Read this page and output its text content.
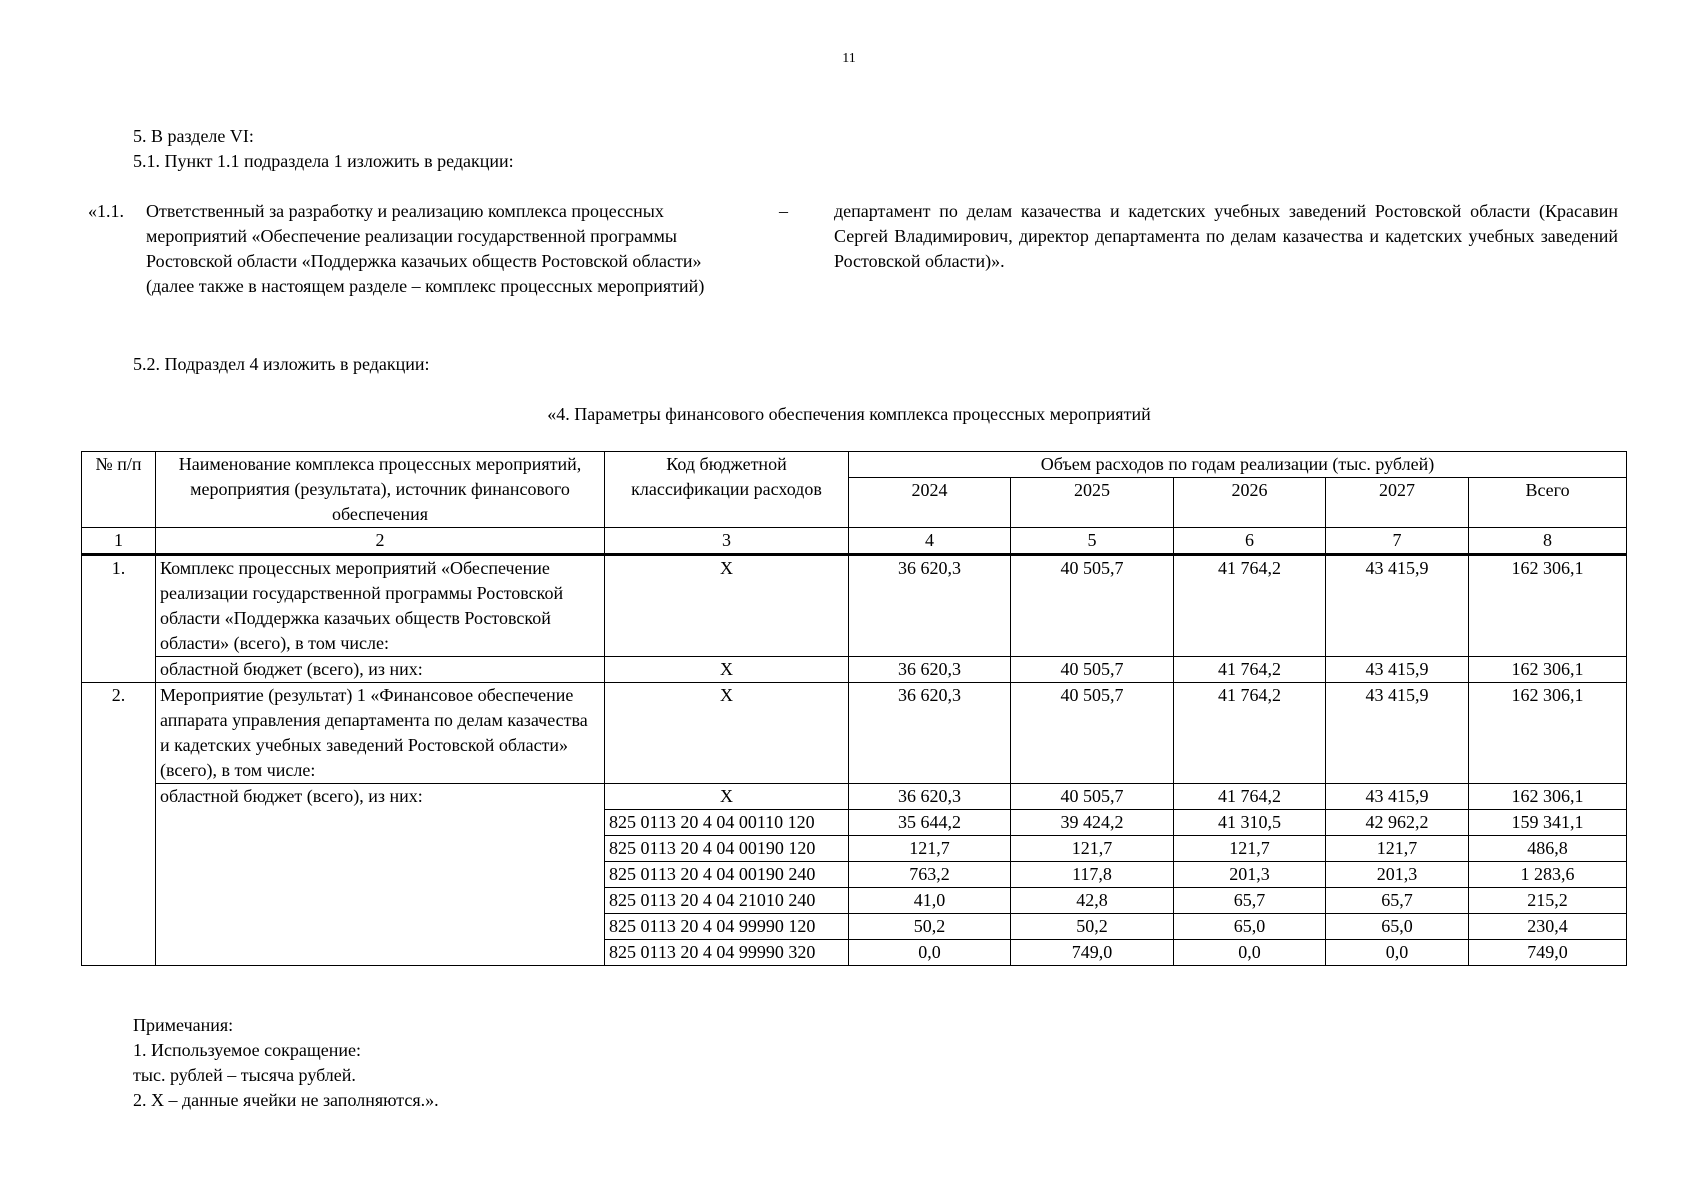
11
5. В разделе VI:
5.1. Пункт 1.1 подраздела 1 изложить в редакции:
«1.1. Ответственный за разработку и реализацию комплекса процессных мероприятий «Обеспечение реализации государственной программы Ростовской области «Поддержка казачьих обществ Ростовской области» (далее также в настоящем разделе – комплекс процессных мероприятий)
–	департамент по делам казачества и кадетских учебных заведений Ростовской области (Красавин Сергей Владимирович, директор департамента по делам казачества и кадетских учебных заведений Ростовской области)».
5.2. Подраздел 4 изложить в редакции:
«4. Параметры финансового обеспечения комплекса процессных мероприятий
№ п/п	Наименование комплекса процессных мероприятий, мероприятия (результата), источник финансового обеспечения	Код бюджетной классификации расходов	Объем расходов по годам реализации (тыс. рублей)				
			2024	2025	2026	2027	Всего
1	2	3	4	5	6	7	8
1.	Комплекс процессных мероприятий «Обеспечение реализации государственной программы Ростовской области «Поддержка казачьих обществ Ростовской области» (всего), в том числе:	Х	36 620,3	40 505,7	41 764,2	43 415,9	162 306,1
	областной бюджет (всего), из них:	Х	36 620,3	40 505,7	41 764,2	43 415,9	162 306,1
2.	Мероприятие (результат) 1 «Финансовое обеспечение аппарата управления департамента по делам казачества и кадетских учебных заведений Ростовской области» (всего), в том числе:	Х	36 620,3	40 505,7	41 764,2	43 415,9	162 306,1
	областной бюджет (всего), из них:	Х	36 620,3	40 505,7	41 764,2	43 415,9	162 306,1
		825 0113 20 4 04 00110 120	35 644,2	39 424,2	41 310,5	42 962,2	159 341,1
		825 0113 20 4 04 00190 120	121,7	121,7	121,7	121,7	486,8
		825 0113 20 4 04 00190 240	763,2	117,8	201,3	201,3	1 283,6
		825 0113 20 4 04 21010 240	41,0	42,8	65,7	65,7	215,2
		825 0113 20 4 04 99990 120	50,2	50,2	65,0	65,0	230,4
		825 0113 20 4 04 99990 320	0,0	749,0	0,0	0,0	749,0
Примечания:
1. Используемое сокращение:
тыс. рублей – тысяча рублей.
2. Х – данные ячейки не заполняются.».
